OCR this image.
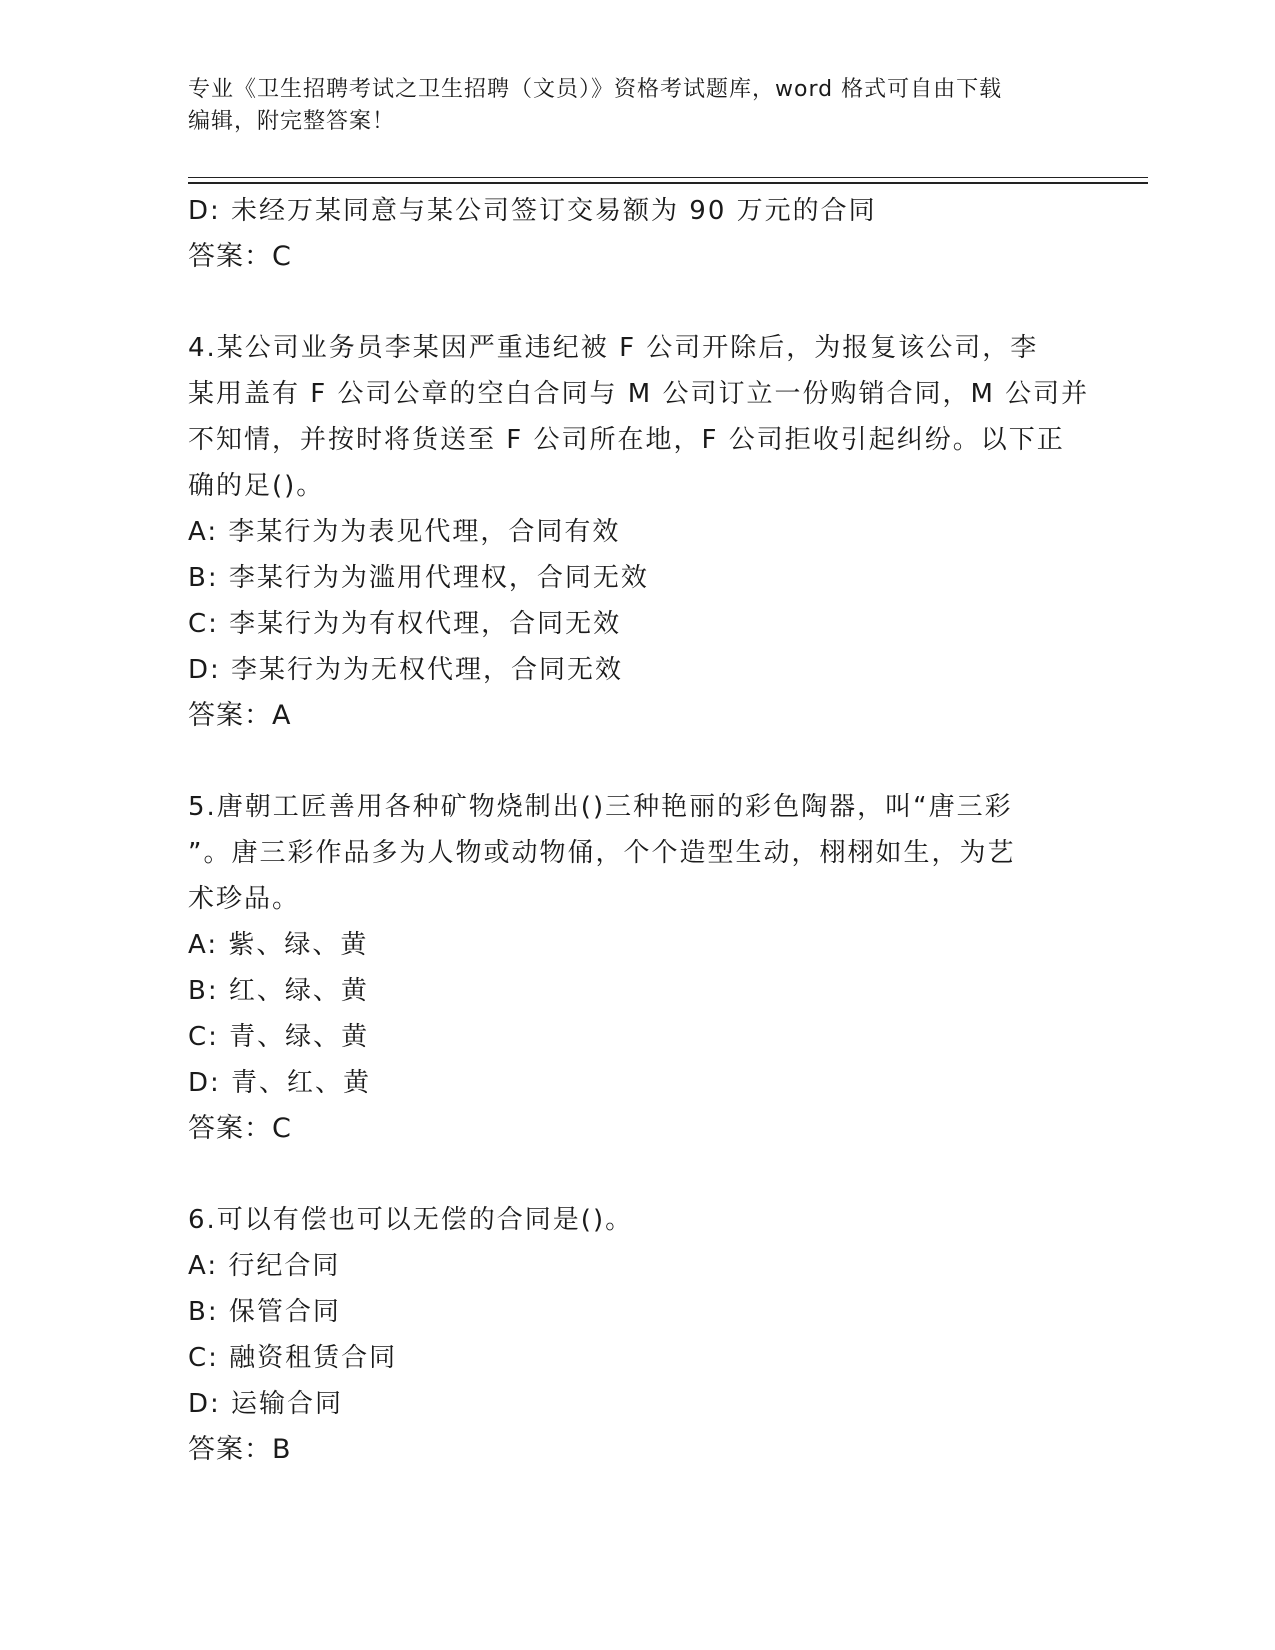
专业《卫生招聘考试之卫生招聘（文员）》资格考试题库，word 格式可自由下载
编辑，附完整答案！
D: 未经万某同意与某公司签订交易额为 90 万元的合同
答案：C
4.某公司业务员李某因严重违纪被 F 公司开除后，为报复该公司，李
某用盖有 F 公司公章的空白合同与 M 公司订立一份购销合同，M 公司并
不知情，并按时将货送至 F 公司所在地，F 公司拒收引起纠纷。以下正
确的足()。
A: 李某行为为表见代理，合同有效
B: 李某行为为滥用代理权，合同无效
C: 李某行为为有权代理，合同无效
D: 李某行为为无权代理，合同无效
答案：A
5.唐朝工匠善用各种矿物烧制出()三种艳丽的彩色陶器，叫“唐三彩
”。唐三彩作品多为人物或动物俑，个个造型生动，栩栩如生，为艺
术珍品。
A: 紫、绿、黄
B: 红、绿、黄
C: 青、绿、黄
D: 青、红、黄
答案：C
6.可以有偿也可以无偿的合同是()。
A: 行纪合同
B: 保管合同
C: 融资租赁合同
D: 运输合同
答案：B
